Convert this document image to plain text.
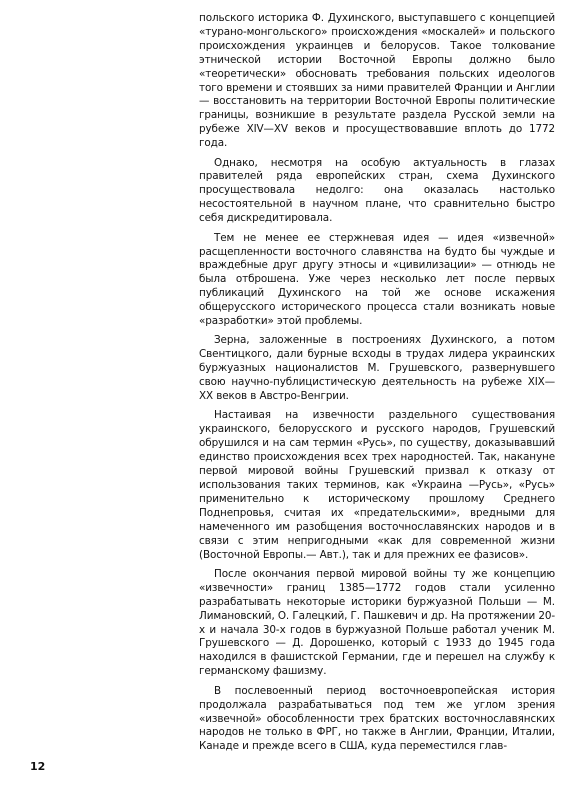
польского историка Ф. Духинского, выступавшего с концепцией «турано-монгольского» происхождения «москалей» и польского происхождения украинцев и белорусов. Такое толкование этнической истории Восточной Европы должно было «теоретически» обосновать требования польских идеологов того времени и стоявших за ними правителей Франции и Англии — восстановить на территории Восточной Европы политические границы, возникшие в результате раздела Русской земли на рубеже XIV—XV веков и просуществовавшие вплоть до 1772 года.

Однако, несмотря на особую актуальность в глазах правителей ряда европейских стран, схема Духинского просуществовала недолго: она оказалась настолько несостоятельной в научном плане, что сравнительно быстро себя дискредитировала.

Тем не менее ее стержневая идея — идея «извечной» расщепленности восточного славянства на будто бы чуждые и враждебные друг другу этносы и «цивилизации» — отнюдь не была отброшена. Уже через несколько лет после первых публикаций Духинского на той же основе искажения общерусского исторического процесса стали возникать новые «разработки» этой проблемы.

Зерна, заложенные в построениях Духинского, а потом Свентицкого, дали бурные всходы в трудах лидера украинских буржуазных националистов М. Грушевского, развернувшего свою научно-публицистическую деятельность на рубеже XIX—XX веков в Австро-Венгрии.

Настаивая на извечности раздельного существования украинского, белорусского и русского народов, Грушевский обрушился и на сам термин «Русь», по существу, доказывавший единство происхождения всех трех народностей. Так, накануне первой мировой войны Грушевский призвал к отказу от использования таких терминов, как «Украина —Русь», «Русь» применительно к историческому прошлому Среднего Поднепровья, считая их «предательскими», вредными для намеченного им разобщения восточнославянских народов и в связи с этим непригодными «как для современной жизни (Восточной Европы.— Авт.), так и для прежних ее фазисов».

После окончания первой мировой войны ту же концепцию «извечности» границ 1385—1772 годов стали усиленно разрабатывать некоторые историки буржуазной Польши — М. Лимановский, О. Галецкий, Г. Пашкевич и др. На протяжении 20-х и начала 30-х годов в буржуазной Польше работал ученик М. Грушевского — Д. Дорошенко, который с 1933 до 1945 года находился в фашистской Германии, где и перешел на службу к германскому фашизму.

В послевоенный период восточноевропейская история продолжала разрабатываться под тем же углом зрения «извечной» обособленности трех братских восточнославянских народов не только в ФРГ, но также в Англии, Франции, Италии, Канаде и прежде всего в США, куда переместился глав-

12
